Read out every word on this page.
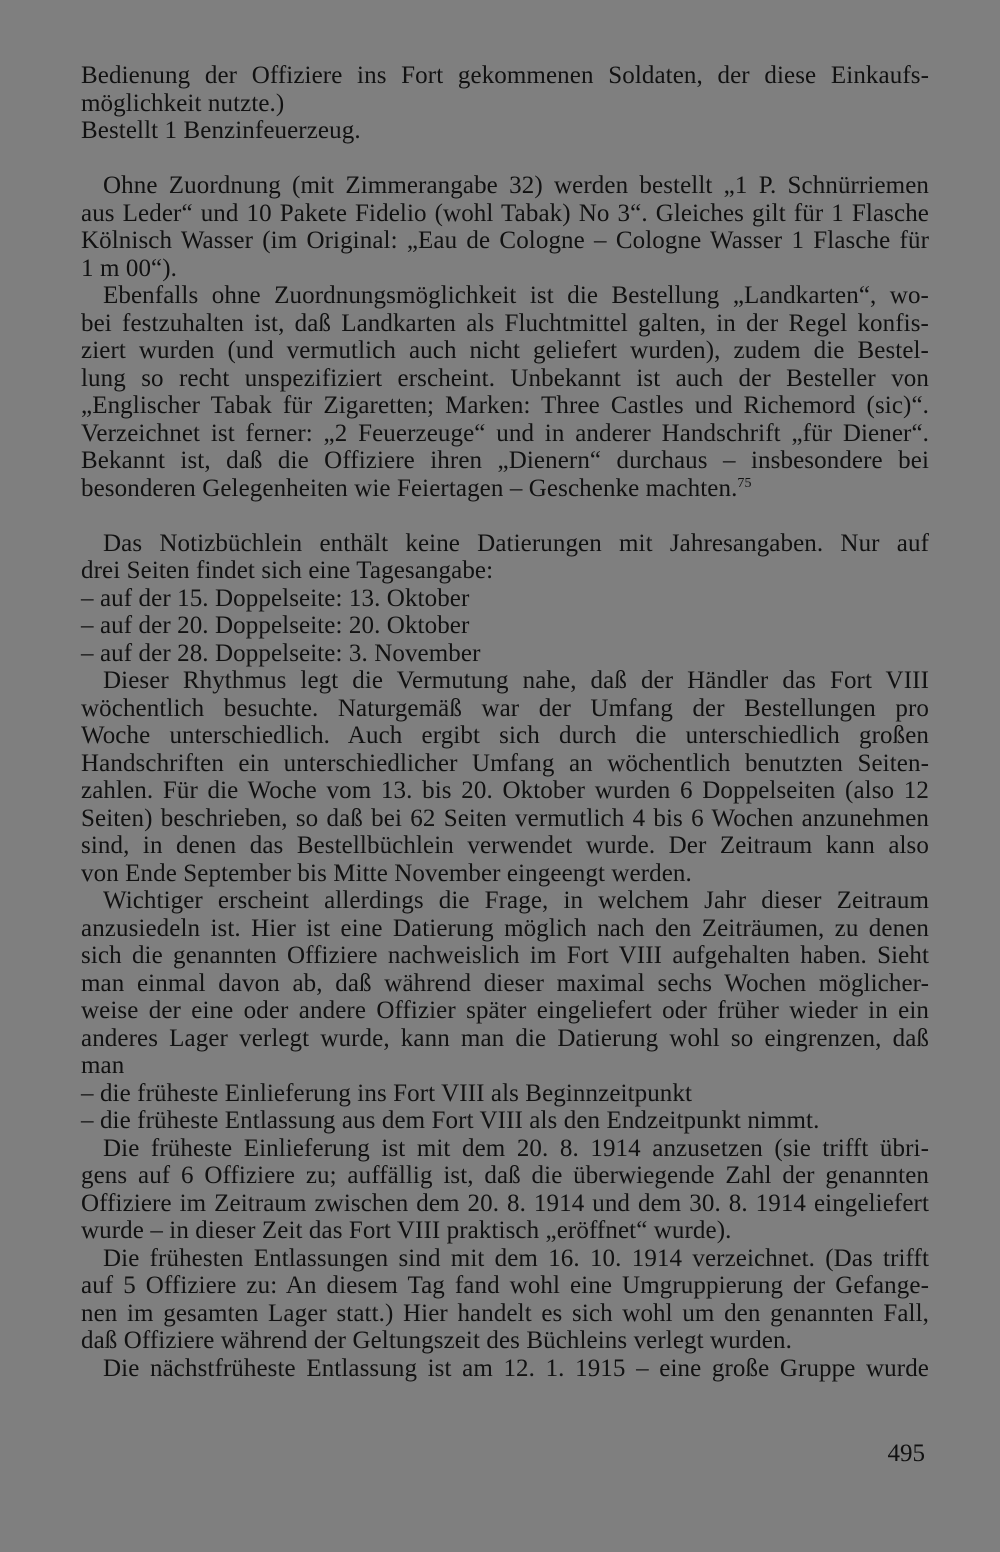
Bedienung der Offiziere ins Fort gekommenen Soldaten, der diese Einkaufs-
möglichkeit nutzte.)
Bestellt 1 Benzinfeuerzeug.
Ohne Zuordnung (mit Zimmerangabe 32) werden bestellt „1 P. Schnürriemen
aus Leder“ und 10 Pakete Fidelio (wohl Tabak) No 3“. Gleiches gilt für 1 Flasche
Kölnisch Wasser (im Original: „Eau de Cologne – Cologne Wasser 1 Flasche für
1 m 00“).
Ebenfalls ohne Zuordnungsmöglichkeit ist die Bestellung „Landkarten“, wo-
bei festzuhalten ist, daß Landkarten als Fluchtmittel galten, in der Regel konfis-
ziert wurden (und vermutlich auch nicht geliefert wurden), zudem die Bestel-
lung so recht unspezifiziert erscheint. Unbekannt ist auch der Besteller von
„Englischer Tabak für Zigaretten; Marken: Three Castles und Richemord (sic)“.
Verzeichnet ist ferner: „2 Feuerzeuge“ und in anderer Handschrift „für Diener“.
Bekannt ist, daß die Offiziere ihren „Dienern“ durchaus – insbesondere bei
besonderen Gelegenheiten wie Feiertagen – Geschenke machten.$^{75}$
Das Notizbüchlein enthält keine Datierungen mit Jahresangaben. Nur auf
drei Seiten findet sich eine Tagesangabe:
– auf der 15. Doppelseite: 13. Oktober
– auf der 20. Doppelseite: 20. Oktober
– auf der 28. Doppelseite: 3. November
Dieser Rhythmus legt die Vermutung nahe, daß der Händler das Fort VIII
wöchentlich besuchte. Naturgemäß war der Umfang der Bestellungen pro
Woche unterschiedlich. Auch ergibt sich durch die unterschiedlich großen
Handschriften ein unterschiedlicher Umfang an wöchentlich benutzten Seiten-
zahlen. Für die Woche vom 13. bis 20. Oktober wurden 6 Doppelseiten (also 12
Seiten) beschrieben, so daß bei 62 Seiten vermutlich 4 bis 6 Wochen anzunehmen
sind, in denen das Bestellbüchlein verwendet wurde. Der Zeitraum kann also
von Ende September bis Mitte November eingeengt werden.
Wichtiger erscheint allerdings die Frage, in welchem Jahr dieser Zeitraum
anzusiedeln ist. Hier ist eine Datierung möglich nach den Zeiträumen, zu denen
sich die genannten Offiziere nachweislich im Fort VIII aufgehalten haben. Sieht
man einmal davon ab, daß während dieser maximal sechs Wochen möglicher-
weise der eine oder andere Offizier später eingeliefert oder früher wieder in ein
anderes Lager verlegt wurde, kann man die Datierung wohl so eingrenzen, daß
man
– die früheste Einlieferung ins Fort VIII als Beginnzeitpunkt
– die früheste Entlassung aus dem Fort VIII als den Endzeitpunkt nimmt.
Die früheste Einlieferung ist mit dem 20. 8. 1914 anzusetzen (sie trifft übri-
gens auf 6 Offiziere zu; auffällig ist, daß die überwiegende Zahl der genannten
Offiziere im Zeitraum zwischen dem 20. 8. 1914 und dem 30. 8. 1914 eingeliefert
wurde – in dieser Zeit das Fort VIII praktisch „eröffnet“ wurde).
Die frühesten Entlassungen sind mit dem 16. 10. 1914 verzeichnet. (Das trifft
auf 5 Offiziere zu: An diesem Tag fand wohl eine Umgruppierung der Gefange-
nen im gesamten Lager statt.) Hier handelt es sich wohl um den genannten Fall,
daß Offiziere während der Geltungszeit des Büchleins verlegt wurden.
Die nächstfrüheste Entlassung ist am 12. 1. 1915 – eine große Gruppe wurde
495
